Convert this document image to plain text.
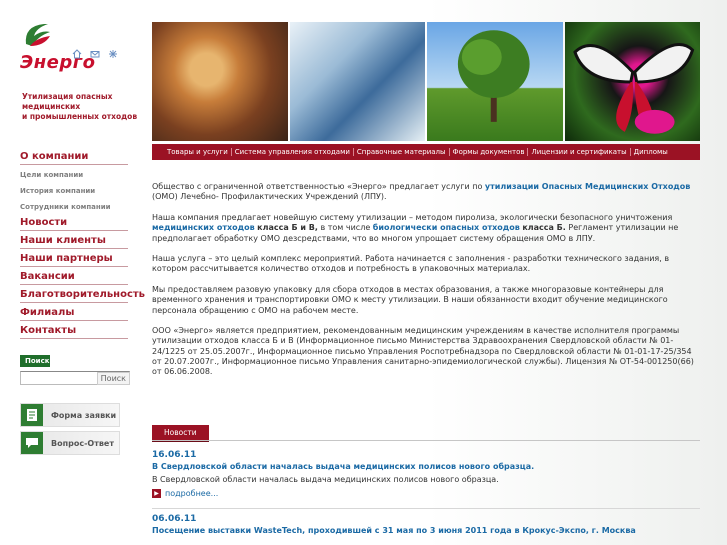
Энерго
Утилизация опасных
медицинских
и промышленных отходов
О компании
Цели компании
История компании
Сотрудники компании
Новости
Наши клиенты
Наши партнеры
Вакансии
Благотворительность
Филиалы
Контакты
Поиск
Поиск
Форма заявки
Вопрос-Ответ
Товары и услуги	Система управления отходами	Справочные материалы	Формы документов	Лицензии и сертификаты	Дипломы

Общество с ограниченной ответственностью «Энерго» предлагает услуги по утилизации Опасных Медицинских Отходов (ОМО) Лечебно- Профилактических Учреждений (ЛПУ).

Наша компания предлагает новейшую систему утилизации – методом пиролиза, экологически безопасного уничтожения медицинских отходов класса Б и В, в том числе биологически опасных отходов класса Б. Регламент утилизации не предполагает обработку ОМО дезсредствами, что во многом упрощает систему обращения ОМО в ЛПУ.

Наша услуга – это целый комплекс мероприятий. Работа начинается с заполнения - разработки технического задания, в котором рассчитывается количество отходов и потребность в упаковочных материалах.

Мы предоставляем разовую упаковку для сбора отходов в местах образования, а также многоразовые контейнеры для временного хранения и транспортировки ОМО к месту утилизации. В наши обязанности входит обучение медицинского персонала обращению с ОМО на рабочем месте.

ООО «Энерго» является предприятием, рекомендованным медицинским учреждениям в качестве исполнителя программы утилизации отходов класса Б и В (Информационное письмо Министерства Здравоохранения Свердловской области № 01-24/1225 от 25.05.2007г., Информационное письмо Управления Роспотребнадзора по Свердловской области № 01-01-17-25/354 от 20.07.2007г., Информационное письмо Управления санитарно-эпидемиологической службы). Лицензия № ОТ-54-001250(66) от 06.06.2008.

Новости
16.06.11
В Свердловской области началась выдача медицинских полисов нового образца.
В Свердловской области началась выдача медицинских полисов нового образца.
▶ подробнее...
06.06.11
Посещение выставки WasteTech, проходившей с 31 мая по 3 июня 2011 года в Крокус-Экспо, г. Москва
